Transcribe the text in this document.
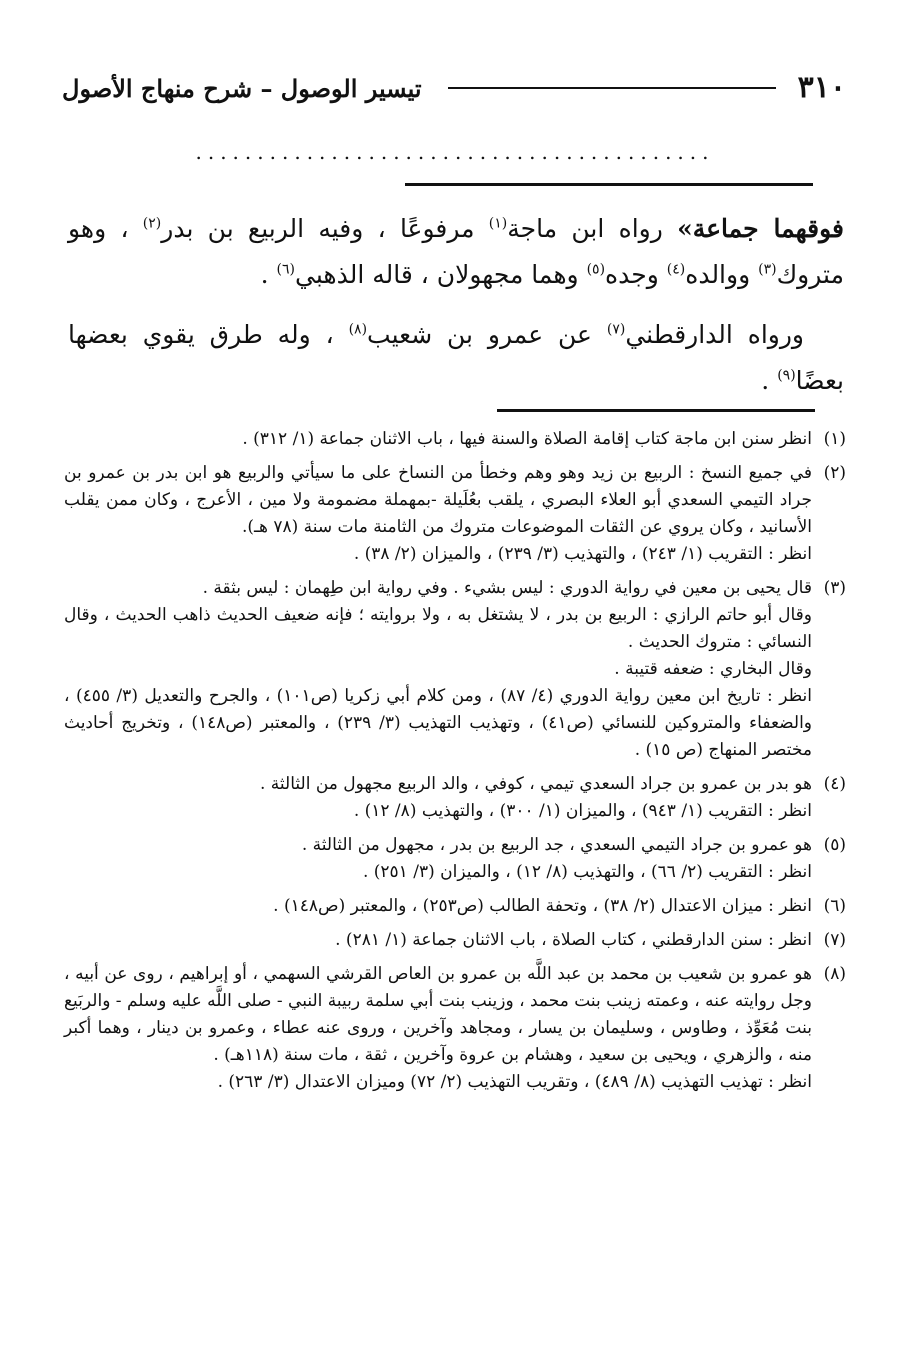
٣١٠
تيسير الوصول – شرح منهاج الأصول
..........................................

فوقهما جماعة» رواه ابن ماجة$^{(١)}$ مرفوعًا ، وفيه الربيع بن بدر$^{(٢)}$ ، وهو متروك$^{(٣)}$ ووالده$^{(٤)}$ وجده$^{(٥)}$ وهما مجهولان ، قاله الذهبي$^{(٦)}$ .

ورواه الدارقطني$^{(٧)}$ عن عمرو بن شعيب$^{(٨)}$ ، وله طرق يقوي بعضها بعضًا$^{(٩)}$ .

(١)
انظر سنن ابن ماجة كتاب إقامة الصلاة والسنة فيها ، باب الاثنان جماعة (١/ ٣١٢) .
(٢)
في جميع النسخ : الربيع بن زيد وهو وهم وخطأ من النساخ على ما سيأتي والربيع هو ابن بدر بن عمرو بن جراد التيمي السعدي أبو العلاء البصري ، يلقب بعُلَيلة -بمهملة مضمومة ولا مين ، الأعرج ، وكان ممن يقلب الأسانيد ، وكان يروي عن الثقات الموضوعات متروك من الثامنة مات سنة (٧٨ هـ).
انظر : التقريب (١/ ٢٤٣) ، والتهذيب (٣/ ٢٣٩) ، والميزان (٢/ ٣٨) .
(٣)
قال يحيى بن معين في رواية الدوري : ليس بشيء . وفي رواية ابن طِهمان : ليس بثقة .
وقال أبو حاتم الرازي : الربيع بن بدر ، لا يشتغل به ، ولا بروايته ؛ فإنه ضعيف الحديث ذاهب الحديث ، وقال النسائي : متروك الحديث .
وقال البخاري : ضعفه قتيبة .
انظر : تاريخ ابن معين رواية الدوري (٤/ ٨٧) ، ومن كلام أبي زكريا (ص١٠١) ، والجرح والتعديل (٣/ ٤٥٥) ، والضعفاء والمتروكين للنسائي (ص٤١) ، وتهذيب التهذيب (٣/ ٢٣٩) ، والمعتبر (ص١٤٨) ، وتخريج أحاديث مختصر المنهاج (ص ١٥) .
(٤)
هو بدر بن عمرو بن جراد السعدي تيمي ، كوفي ، والد الربيع مجهول من الثالثة .
انظر : التقريب (١/ ٩٤٣) ، والميزان (١/ ٣٠٠) ، والتهذيب (٨/ ١٢) .
(٥)
هو عمرو بن جراد التيمي السعدي ، جد الربيع بن بدر ، مجهول من الثالثة .
انظر : التقريب (٢/ ٦٦) ، والتهذيب (٨/ ١٢) ، والميزان (٣/ ٢٥١) .
(٦)
انظر : ميزان الاعتدال (٢/ ٣٨) ، وتحفة الطالب (ص٢٥٣) ، والمعتبر (ص١٤٨) .
(٧)
انظر : سنن الدارقطني ، كتاب الصلاة ، باب الاثنان جماعة (١/ ٢٨١) .
(٨)
هو عمرو بن شعيب بن محمد بن عبد اللَّه بن عمرو بن العاص القرشي السهمي ، أو إبراهيم ، روى عن أبيه ، وجل روايته عنه ، وعمته زينب بنت محمد ، وزينب بنت أبي سلمة ربيبة النبي - صلى اللَّه عليه وسلم - والربَيع بنت مُعَوِّذ ، وطاوس ، وسليمان بن يسار ، ومجاهد وآخرين ، وروى عنه عطاء ، وعمرو بن دينار ، وهما أكبر منه ، والزهري ، ويحيى بن سعيد ، وهشام بن عروة وآخرين ، ثقة ، مات سنة (١١٨هـ) .
انظر : تهذيب التهذيب (٨/ ٤٨٩) ، وتقريب التهذيب (٢/ ٧٢) وميزان الاعتدال (٣/ ٢٦٣) .
